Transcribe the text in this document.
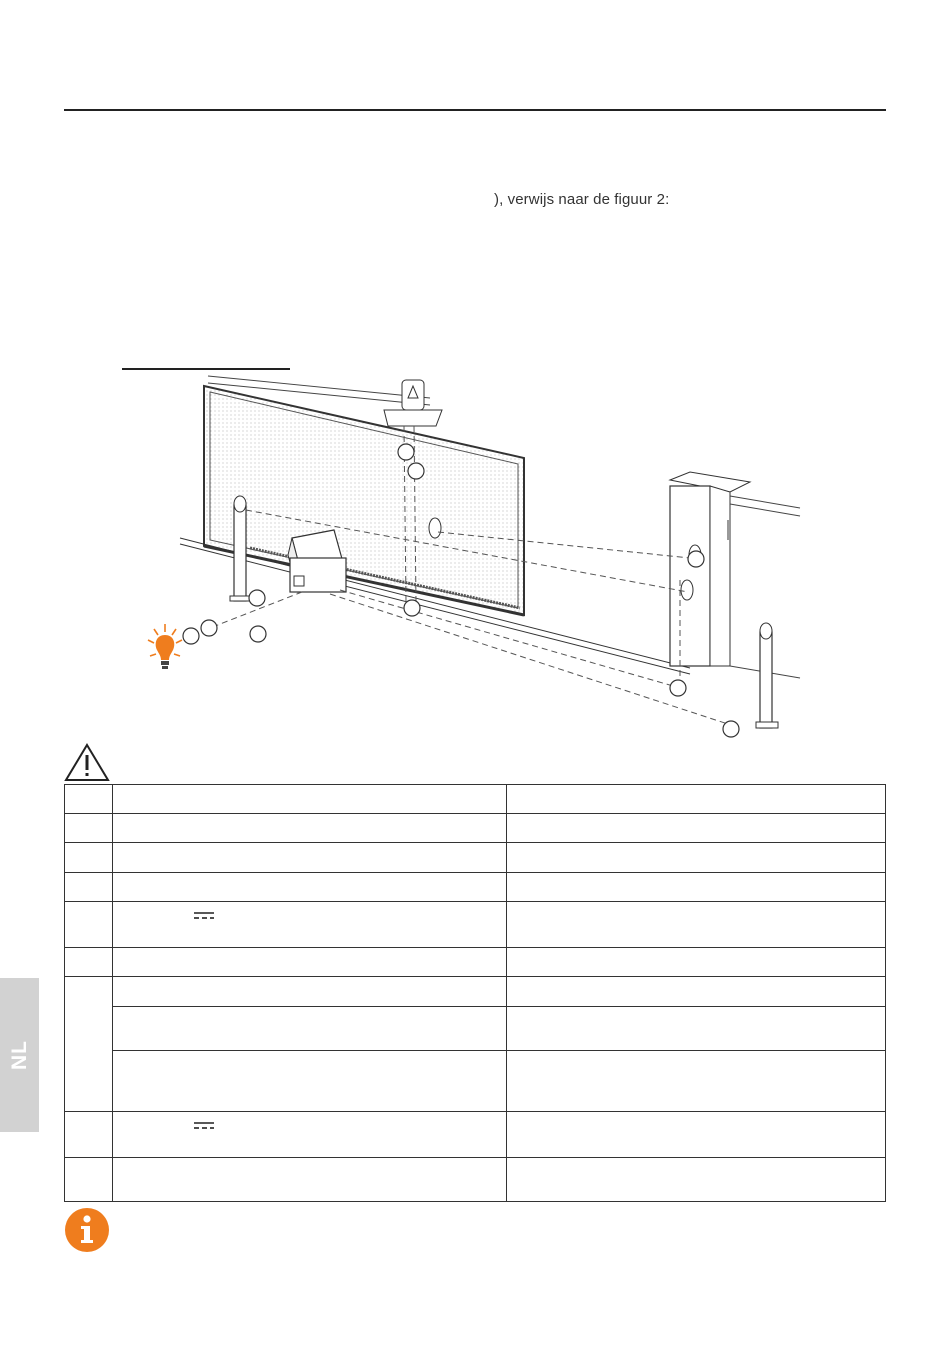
), verwijs naar de figuur 2:

NL
